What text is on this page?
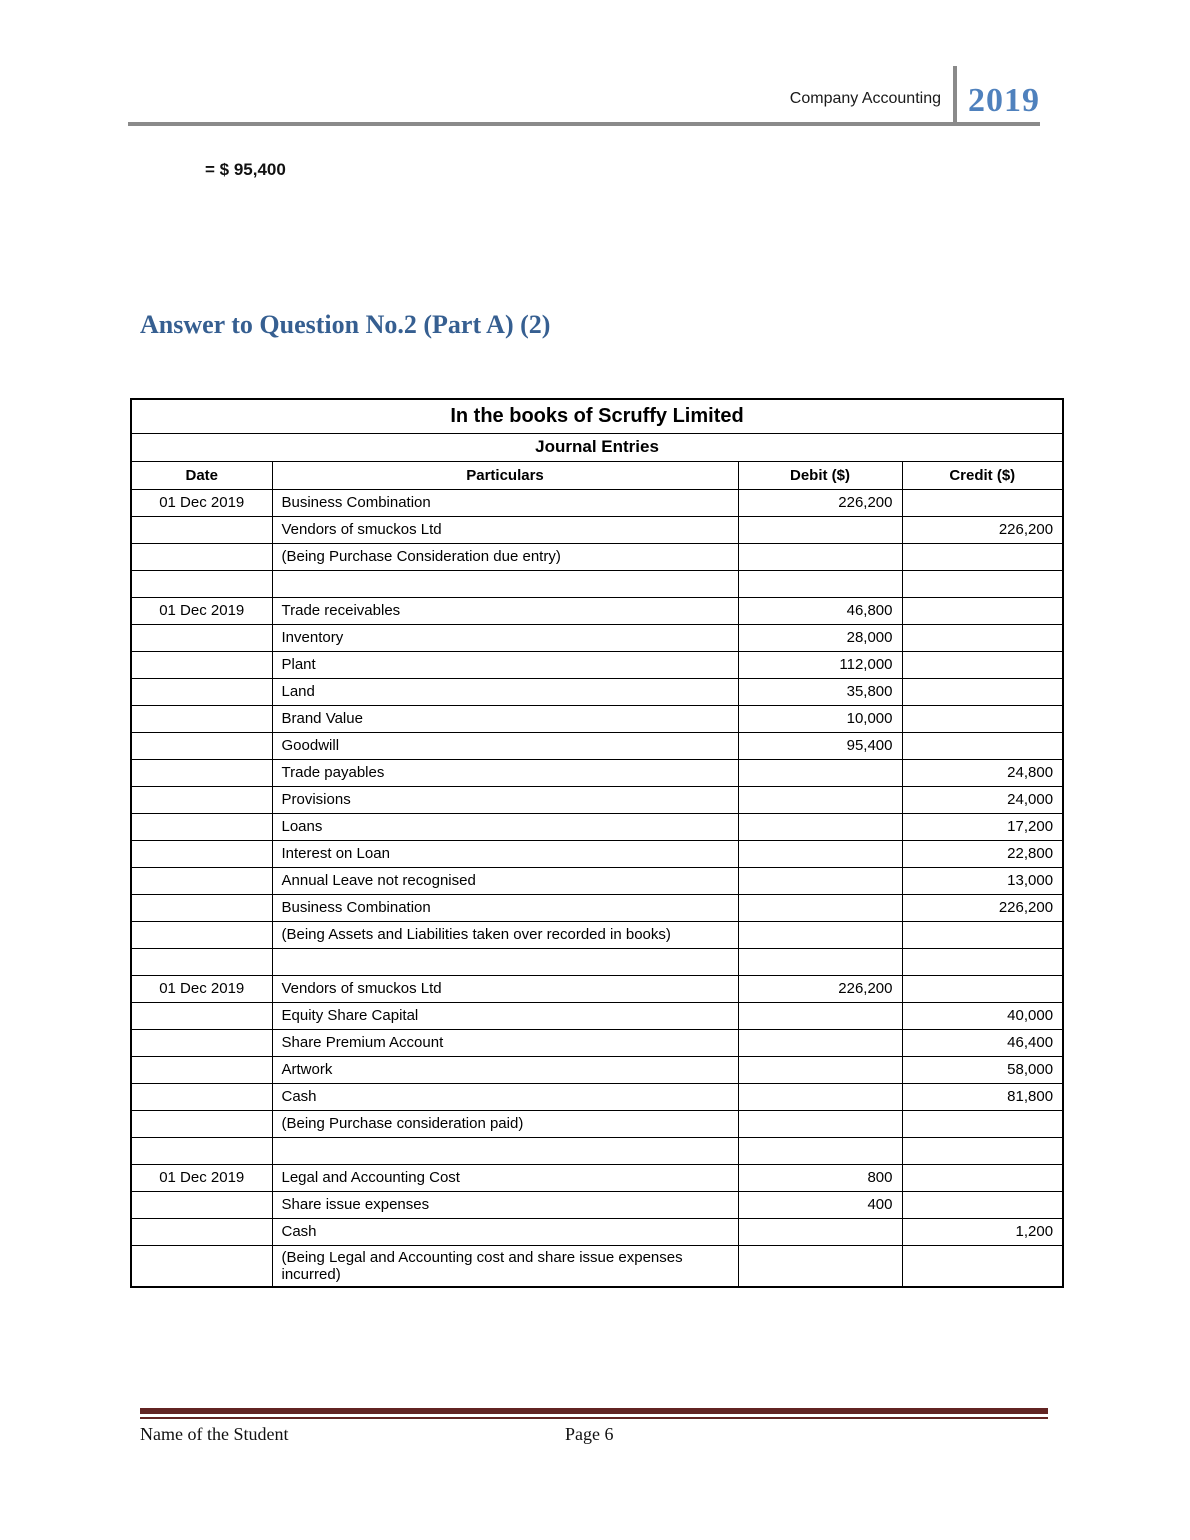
Company Accounting 2019
= $ 95,400
Answer to Question No.2 (Part A) (2)
In the books of Scruffy Limited			
Journal Entries			
Date	Particulars	Debit ($)	Credit ($)
01 Dec 2019	Business Combination	226,200	

	Vendors of smuckos Ltd		226,200

	(Being Purchase Consideration due entry)		

01 Dec 2019	Trade receivables	46,800	

	Inventory	28,000	

	Plant	112,000	

	Land	35,800	

	Brand Value	10,000	

	Goodwill	95,400	

	Trade payables		24,800

	Provisions		24,000

	Loans		17,200

	Interest on Loan		22,800

	Annual Leave not recognised		13,000

	Business Combination		226,200

	(Being Assets and Liabilities taken over recorded in books)		

01 Dec 2019	Vendors of smuckos Ltd	226,200	

	Equity Share Capital		40,000

	Share Premium Account		46,400

	Artwork		58,000

	Cash		81,800

	(Being Purchase consideration paid)		

01 Dec 2019	Legal and Accounting Cost	800	

	Share issue expenses	400	

	Cash		1,200

	(Being Legal and Accounting cost and share issue expenses incurred)		

Name of the Student	Page 6
